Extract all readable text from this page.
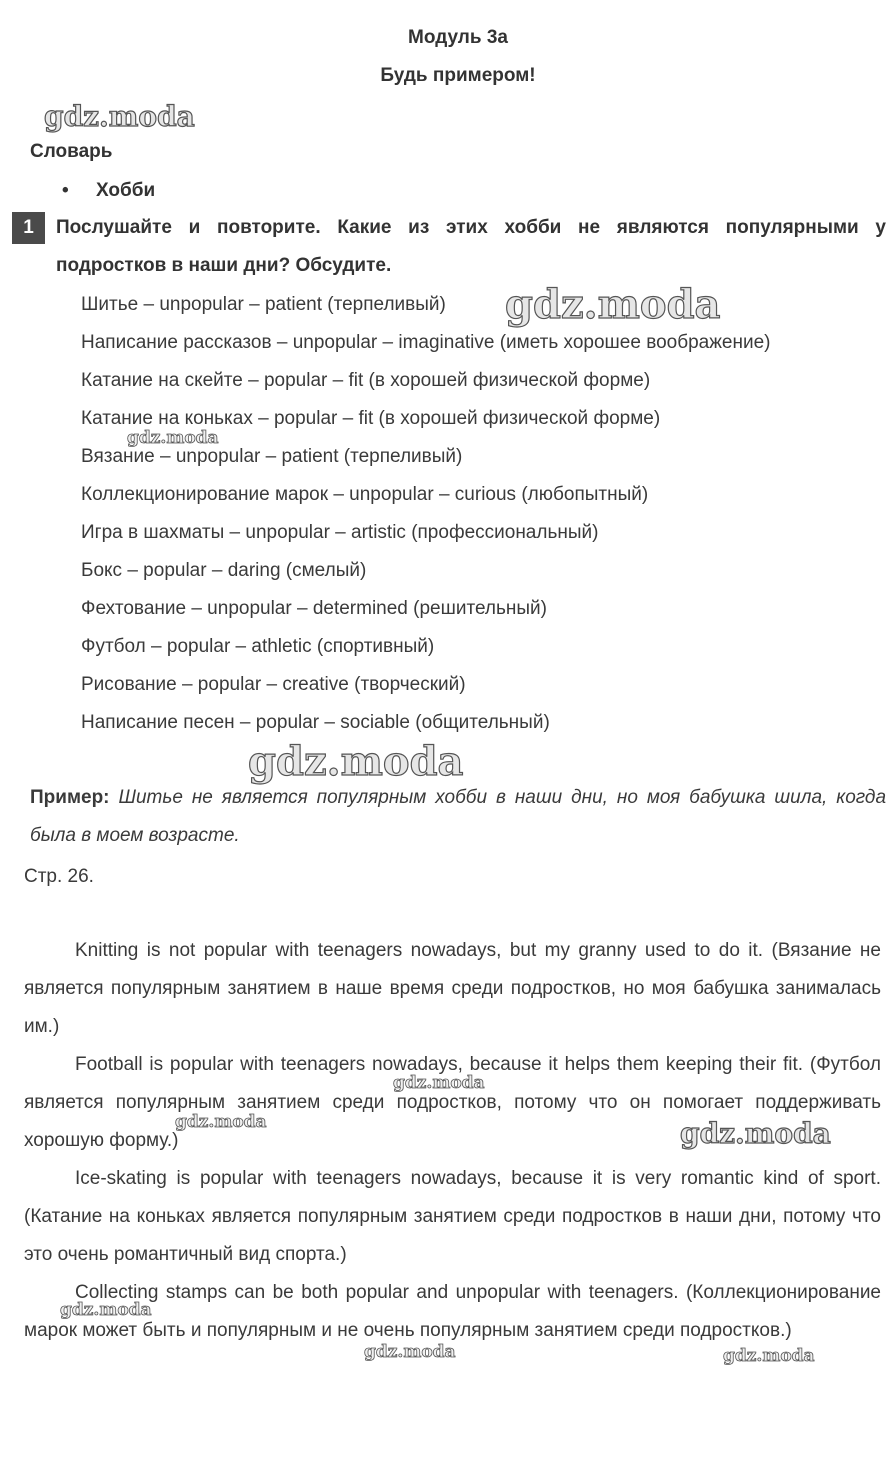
Модуль 3a
Будь примером!
Словарь
• Хобби
1	Послушайте и повторите. Какие из этих хобби не являются популярными у подростков в наши дни? Обсудите.
Шитье – unpopular – patient (терпеливый)
Написание рассказов – unpopular – imaginative (иметь хорошее воображение)
Катание на скейте – popular – fit (в хорошей физической форме)
Катание на коньках – popular – fit (в хорошей физической форме)
Вязание – unpopular – patient (терпеливый)
Коллекционирование марок – unpopular – curious (любопытный)
Игра в шахматы – unpopular – artistic (профессиональный)
Бокс – popular – daring (смелый)
Фехтование – unpopular – determined (решительный)
Футбол – popular – athletic (спортивный)
Рисование – popular – creative (творческий)
Написание песен – popular – sociable (общительный)
Пример: Шитье не является популярным хобби в наши дни, но моя бабушка шила, когда была в моем возрасте.
Стр. 26.
Knitting is not popular with teenagers nowadays, but my granny used to do it. (Вязание не является популярным занятием в наше время среди подростков, но моя бабушка занималась им.)
Football is popular with teenagers nowadays, because it helps them keeping their fit. (Футбол является популярным занятием среди подростков, потому что он помогает поддерживать хорошую форму.)
Ice-skating is popular with teenagers nowadays, because it is very romantic kind of sport. (Катание на коньках является популярным занятием среди подростков в наши дни, потому что это очень романтичный вид спорта.)
Collecting stamps can be both popular and unpopular with teenagers. (Коллекционирование марок может быть и популярным и не очень популярным занятием среди подростков.)
gdz.moda
gdz.moda
gdz.moda
gdz.moda
gdz.moda
gdz.moda	gdz.moda
gdz.moda
gdz.moda	gdz.moda
